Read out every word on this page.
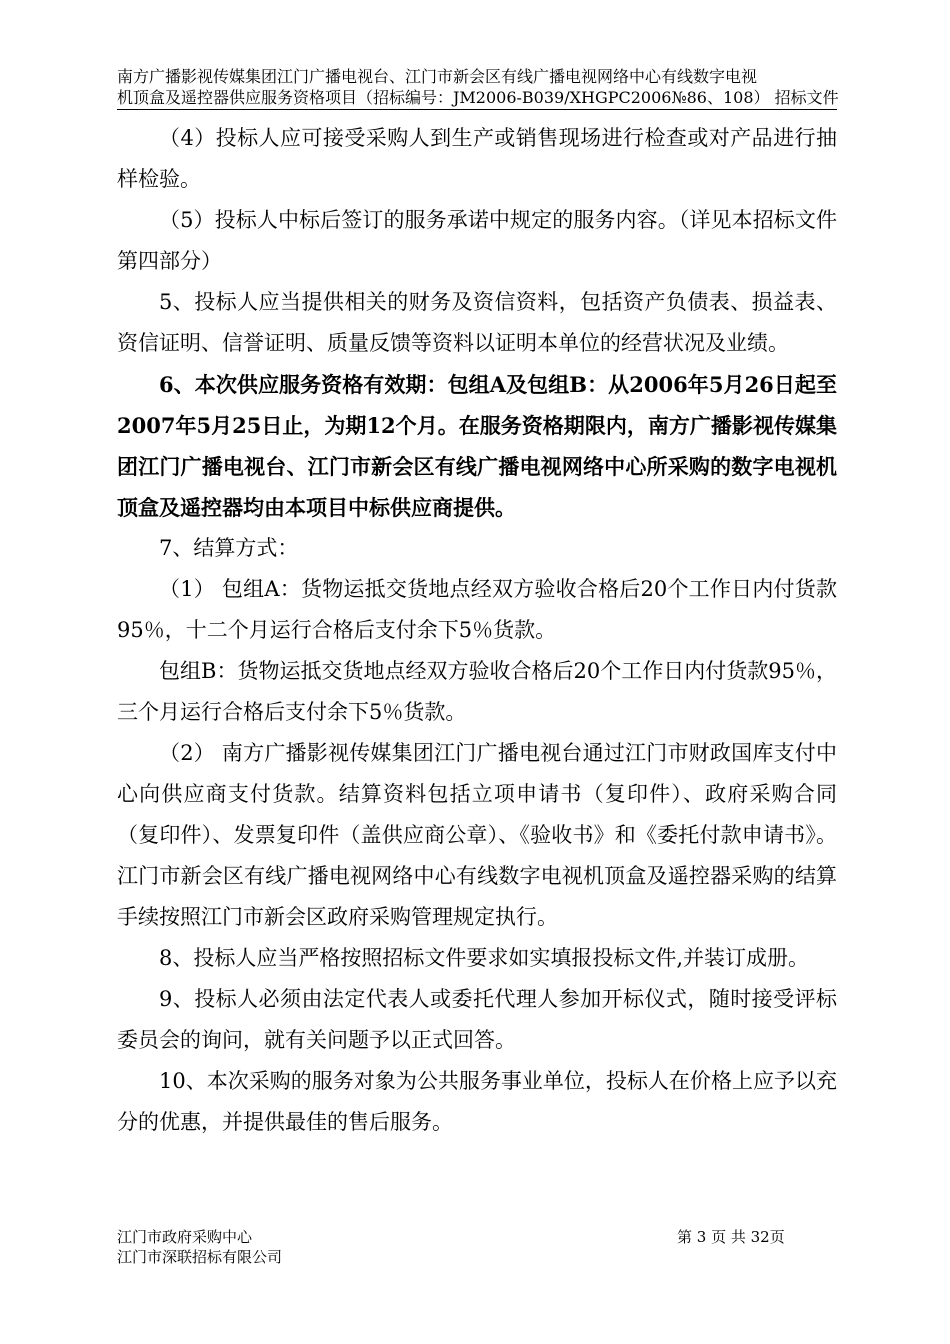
南方广播影视传媒集团江门广播电视台、江门市新会区有线广播电视网络中心有线数字电视
机顶盒及遥控器供应服务资格项目（招标编号：JM2006-B039/XHGPC2006№86、108） 招标文件

（4）投标人应可接受采购人到生产或销售现场进行检查或对产品进行抽样检验。

（5）投标人中标后签订的服务承诺中规定的服务内容。（详见本招标文件第四部分）

5、投标人应当提供相关的财务及资信资料，包括资产负债表、损益表、资信证明、信誉证明、质量反馈等资料以证明本单位的经营状况及业绩。

6、本次供应服务资格有效期：包组A及包组B：从2006年5月26日起至2007年5月25日止，为期12个月。在服务资格期限内，南方广播影视传媒集团江门广播电视台、江门市新会区有线广播电视网络中心所采购的数字电视机顶盒及遥控器均由本项目中标供应商提供。

7、结算方式：

（1） 包组A：货物运抵交货地点经双方验收合格后20个工作日内付货款95％，十二个月运行合格后支付余下5％货款。

包组B：货物运抵交货地点经双方验收合格后20个工作日内付货款95％，三个月运行合格后支付余下5％货款。

（2） 南方广播影视传媒集团江门广播电视台通过江门市财政国库支付中心向供应商支付货款。结算资料包括立项申请书（复印件）、政府采购合同（复印件）、发票复印件（盖供应商公章）、《验收书》和《委托付款申请书》。江门市新会区有线广播电视网络中心有线数字电视机顶盒及遥控器采购的结算手续按照江门市新会区政府采购管理规定执行。

8、投标人应当严格按照招标文件要求如实填报投标文件,并装订成册。

9、投标人必须由法定代表人或委托代理人参加开标仪式，随时接受评标委员会的询问，就有关问题予以正式回答。

10、本次采购的服务对象为公共服务事业单位，投标人在价格上应予以充分的优惠，并提供最佳的售后服务。

江门市政府采购中心
江门市深联招标有限公司
第 3 页 共 32页
